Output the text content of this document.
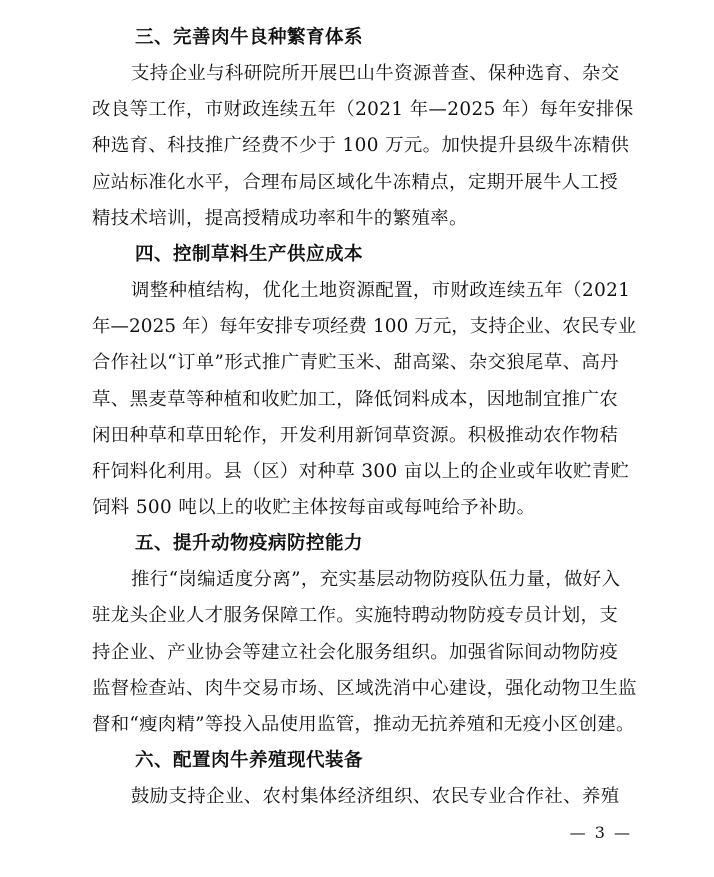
三、完善肉牛良种繁育体系
支持企业与科研院所开展巴山牛资源普查、保种选育、杂交
改良等工作，市财政连续五年（2021 年—2025 年）每年安排保
种选育、科技推广经费不少于 100 万元。加快提升县级牛冻精供
应站标准化水平，合理布局区域化牛冻精点，定期开展牛人工授
精技术培训，提高授精成功率和牛的繁殖率。
四、控制草料生产供应成本
调整种植结构，优化土地资源配置，市财政连续五年（2021
年—2025 年）每年安排专项经费 100 万元，支持企业、农民专业
合作社以“订单”形式推广青贮玉米、甜高粱、杂交狼尾草、高丹
草、黑麦草等种植和收贮加工，降低饲料成本，因地制宜推广农
闲田种草和草田轮作，开发利用新饲草资源。积极推动农作物秸
秆饲料化利用。县（区）对种草 300 亩以上的企业或年收贮青贮
饲料 500 吨以上的收贮主体按每亩或每吨给予补助。
五、提升动物疫病防控能力
推行“岗编适度分离”，充实基层动物防疫队伍力量，做好入
驻龙头企业人才服务保障工作。实施特聘动物防疫专员计划，支
持企业、产业协会等建立社会化服务组织。加强省际间动物防疫
监督检查站、肉牛交易市场、区域洗消中心建设，强化动物卫生监
督和“瘦肉精”等投入品使用监管，推动无抗养殖和无疫小区创建。
六、配置肉牛养殖现代装备
鼓励支持企业、农村集体经济组织、农民专业合作社、养殖
— 3 —
